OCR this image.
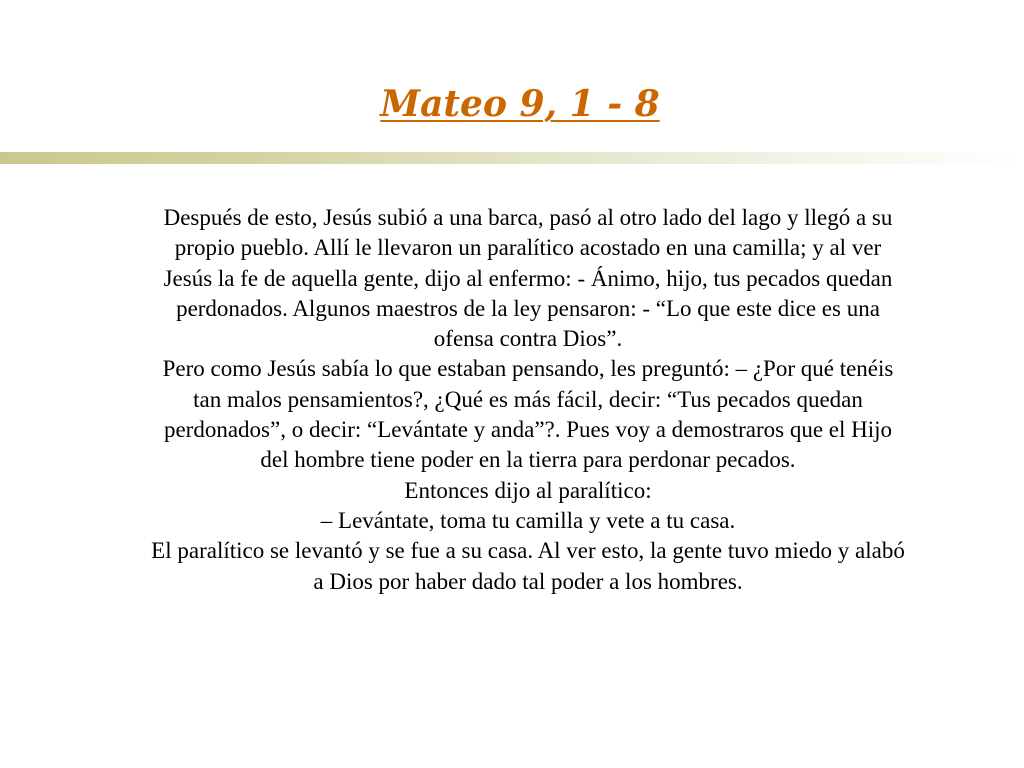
Mateo 9, 1 - 8

Después de esto, Jesús subió a una barca, pasó al otro lado del lago y llegó a su propio pueblo. Allí le llevaron un paralítico acostado en una camilla; y al ver Jesús la fe de aquella gente, dijo al enfermo: - Ánimo, hijo, tus pecados quedan perdonados. Algunos maestros de la ley pensaron: - “Lo que este dice es una ofensa contra Dios”.

Pero como Jesús sabía lo que estaban pensando, les preguntó: – ¿Por qué tenéis tan malos pensamientos?, ¿Qué es más fácil, decir: “Tus pecados quedan perdonados”, o decir: “Levántate y anda”?. Pues voy a demostraros que el Hijo del hombre tiene poder en la tierra para perdonar pecados.

Entonces dijo al paralítico:

– Levántate, toma tu camilla y vete a tu casa.

El paralítico se levantó y se fue a su casa. Al ver esto, la gente tuvo miedo y alabó a Dios por haber dado tal poder a los hombres.
